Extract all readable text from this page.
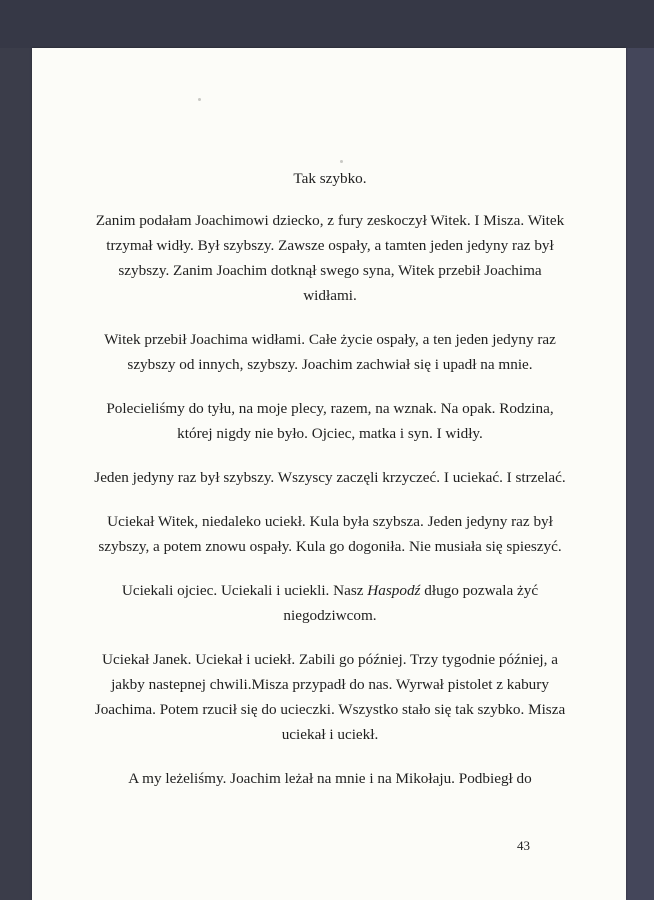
Tak szybko.

Zanim podałam Joachimowi dziecko, z fury zeskoczył Witek. I Misza. Witek trzymał widły. Był szybszy. Zawsze ospały, a tamten jeden jedyny raz był szybszy. Zanim Joachim dotknął swego syna, Witek przebił Joachima widłami.

Witek przebił Joachima widłami. Całe życie ospały, a ten jeden jedyny raz szybszy od innych, szybszy. Joachim zachwiał się i upadł na mnie.

Polecieliśmy do tyłu, na moje plecy, razem, na wznak. Na opak. Rodzina, której nigdy nie było. Ojciec, matka i syn. I widły.

Jeden jedyny raz był szybszy. Wszyscy zaczęli krzyczeć. I uciekać. I strzelać.

Uciekał Witek, niedaleko uciekł. Kula była szybsza. Jeden jedyny raz był szybszy, a potem znowu ospały. Kula go dogoniła. Nie musiała się spieszyć.

Uciekali ojciec. Uciekali i uciekli. Nasz Haspodź długo pozwala żyć niegodziwcom.

Uciekał Janek. Uciekał i uciekł. Zabili go później. Trzy tygodnie później, a jakby nastepnej chwili.Misza przypadł do nas. Wyrwał pistolet z kabury Joachima. Potem rzucił się do ucieczki. Wszystko stało się tak szybko. Misza uciekał i uciekł.

A my leżeliśmy. Joachim leżał na mnie i na Mikołaju. Podbiegł do

43
